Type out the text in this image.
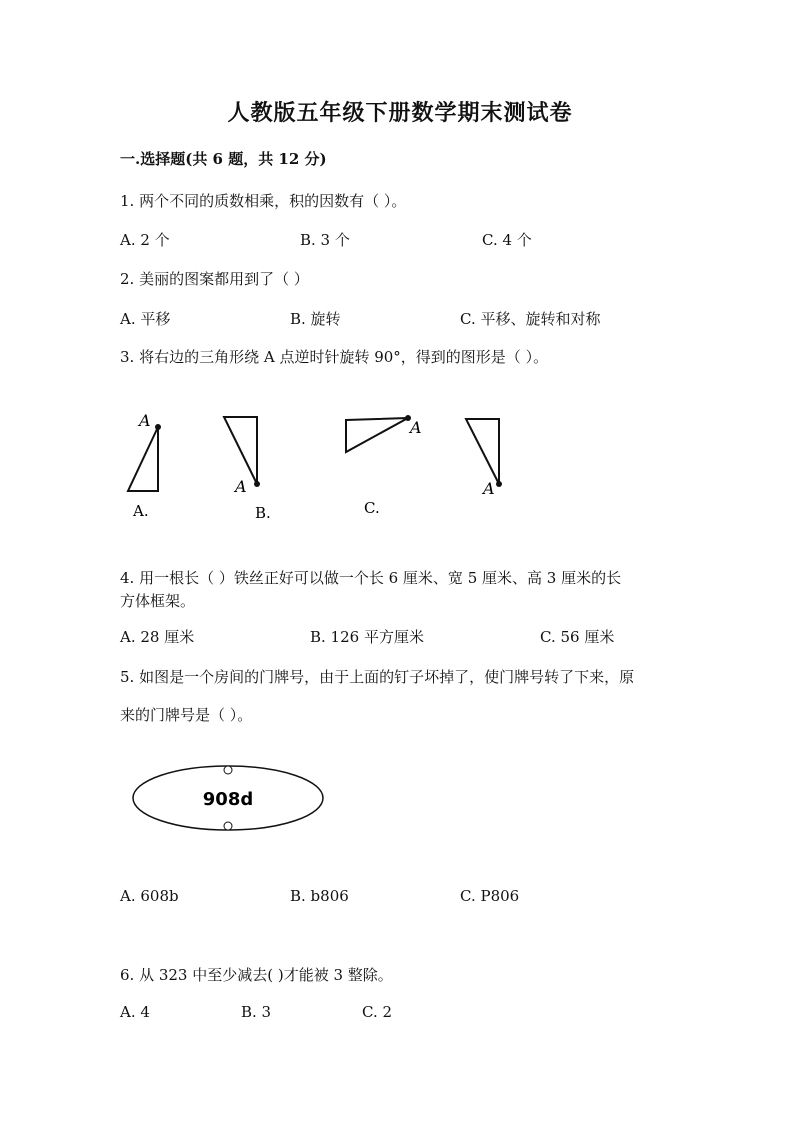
人教版五年级下册数学期末测试卷
一.选择题(共 6 题，共 12 分)
1. 两个不同的质数相乘，积的因数有（ ）。
A. 2 个	B. 3 个	C. 4 个
2. 美丽的图案都用到了（ ）
A. 平移	B. 旋转	C. 平移、旋转和对称
3. 将右边的三角形绕 A 点逆时针旋转 90°，得到的图形是（ ）。
A
A.
A
B.
A
C.
A
4. 用一根长（ ）铁丝正好可以做一个长 6 厘米、宽 5 厘米、高 3 厘米的长
方体框架。
A. 28 厘米	B. 126 平方厘米	C. 56 厘米
5. 如图是一个房间的门牌号，由于上面的钉子坏掉了，使门牌号转了下来，原
来的门牌号是（ ）。
908d
A. 608b	B. b806	C. P806
6. 从 323 中至少减去( )才能被 3 整除。
A. 4	B. 3	C. 2
